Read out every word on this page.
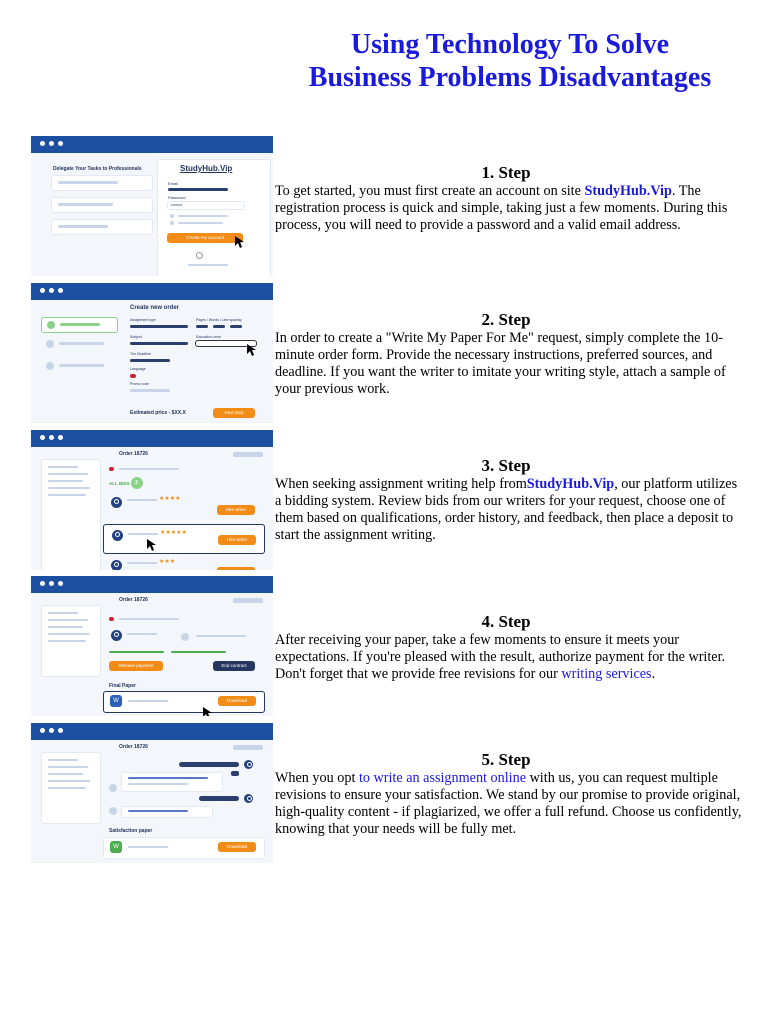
Using Technology To Solve
Business Problems Disadvantages
Delegate Your Tasks to Professionals	StudyHub.Vip
Email
Password
••••••••
Create my account
Create new order
Assignment type	Pages / Words / Line spacing
Subject	Education Level
The Deadline
Language
Promo code
Estimated price - $XX.X	Next step
Order 18726
ALL BIDS 3
★★★★
Hire writer
★★★★★
Hire writer
★★★
Order 18726
Release payment	End contract
Final Paper
W	Download
Order 18726
Satisfaction paper
W	Download
1. Step

To get started, you must first create an account on site StudyHub.Vip. The registration process is quick and simple, taking just a few moments. During this process, you will need to provide a password and a valid email address.

2. Step

In order to create a "Write My Paper For Me" request, simply complete the 10-minute order form. Provide the necessary instructions, preferred sources, and deadline. If you want the writer to imitate your writing style, attach a sample of your previous work.

3. Step

When seeking assignment writing help fromStudyHub.Vip, our platform utilizes a bidding system. Review bids from our writers for your request, choose one of them based on qualifications, order history, and feedback, then place a deposit to start the assignment writing.

4. Step

After receiving your paper, take a few moments to ensure it meets your expectations. If you're pleased with the result, authorize payment for the writer. Don't forget that we provide free revisions for our writing services.

5. Step

When you opt to write an assignment online with us, you can request multiple revisions to ensure your satisfaction. We stand by our promise to provide original, high-quality content - if plagiarized, we offer a full refund. Choose us confidently, knowing that your needs will be fully met.
